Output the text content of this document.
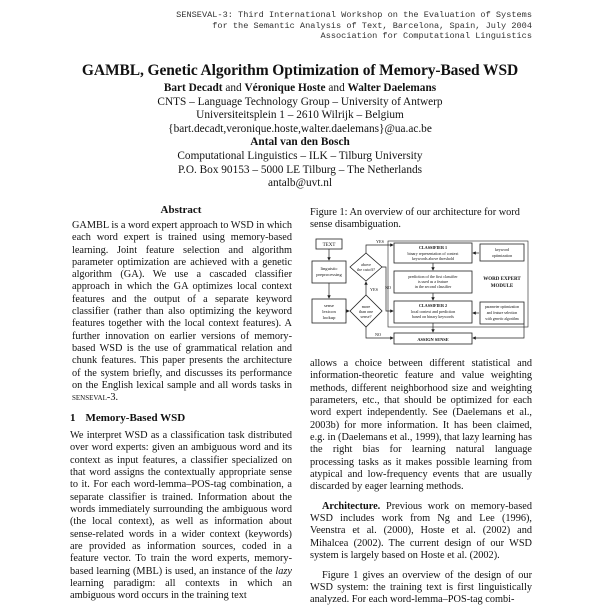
SENSEVAL-3: Third International Workshop on the Evaluation of Systems
for the Semantic Analysis of Text, Barcelona, Spain, July 2004
Association for Computational Linguistics
GAMBL, Genetic Algorithm Optimization of Memory-Based WSD
Bart Decadt and Véronique Hoste and Walter Daelemans
CNTS – Language Technology Group – University of Antwerp
Universiteitsplein 1 – 2610 Wilrijk – Belgium
{bart.decadt,veronique.hoste,walter.daelemans}@ua.ac.be
Antal van den Bosch
Computational Linguistics – ILK – Tilburg University
P.O. Box 90153 – 5000 LE Tilburg – The Netherlands
antalb@uvt.nl
Abstract
GAMBL is a word expert approach to WSD in which each word expert is trained using memory-based learning. Joint feature selection and algorithm parameter optimization are achieved with a genetic algorithm (GA). We use a cascaded classifier approach in which the GA optimizes local context features and the output of a separate keyword classifier (rather than also optimizing the keyword features together with the local context features). A further innovation on earlier versions of memory-based WSD is the use of grammatical relation and chunk features. This paper presents the architecture of the system briefly, and discusses its performance on the English lexical sample and all words tasks in senseval-3.
1 Memory-Based WSD
We interpret WSD as a classification task distributed over word experts: given an ambiguous word and its context as input features, a classifier specialized on that word assigns the contextually appropriate sense to it. For each word-lemma–POS-tag combination, a separate classifier is trained. Information about the words immediately surrounding the ambiguous word (the local context), as well as information about sense-related words in a wider context (keywords) are provided as information sources, coded in a feature vector. To train the word experts, memory-based learning (MBL) is used, an instance of the lazy learning paradigm: all contexts in which an ambiguous word occurs in the training text
Figure 1: An overview of our architecture for word sense disambiguation.
TEXT
linguistic
preprocessing
sense
lexicon
lookup
above
the cutoff?
more
than one
sense?
YES
YES NO
NO
CLASSIFIER 1
binary representation of context
keywords above threshold
prediction of the first classifier
is used as a feature
in the second classifier
CLASSIFIER 2
local context and prediction
based on binary keywords
keyword
optimization
parameter optimization
and feature selection
with genetic algorithm
WORD EXPERT
MODULE
ASSIGN SENSE

allows a choice between different statistical and information-theoretic feature and value weighting methods, different neighborhood size and weighting parameters, etc., that should be optimized for each word expert independently. See (Daelemans et al., 2003b) for more information. It has been claimed, e.g. in (Daelemans et al., 1999), that lazy learning has the right bias for learning natural language processing tasks as it makes possible learning from atypical and low-frequency events that are usually discarded by eager learning methods.

Architecture. Previous work on memory-based WSD includes work from Ng and Lee (1996), Veenstra et al. (2000), Hoste et al. (2002) and Mihalcea (2002). The current design of our WSD system is largely based on Hoste et al. (2002).

Figure 1 gives an overview of the design of our WSD system: the training text is first linguistically analyzed. For each word-lemma–POS-tag combi-
